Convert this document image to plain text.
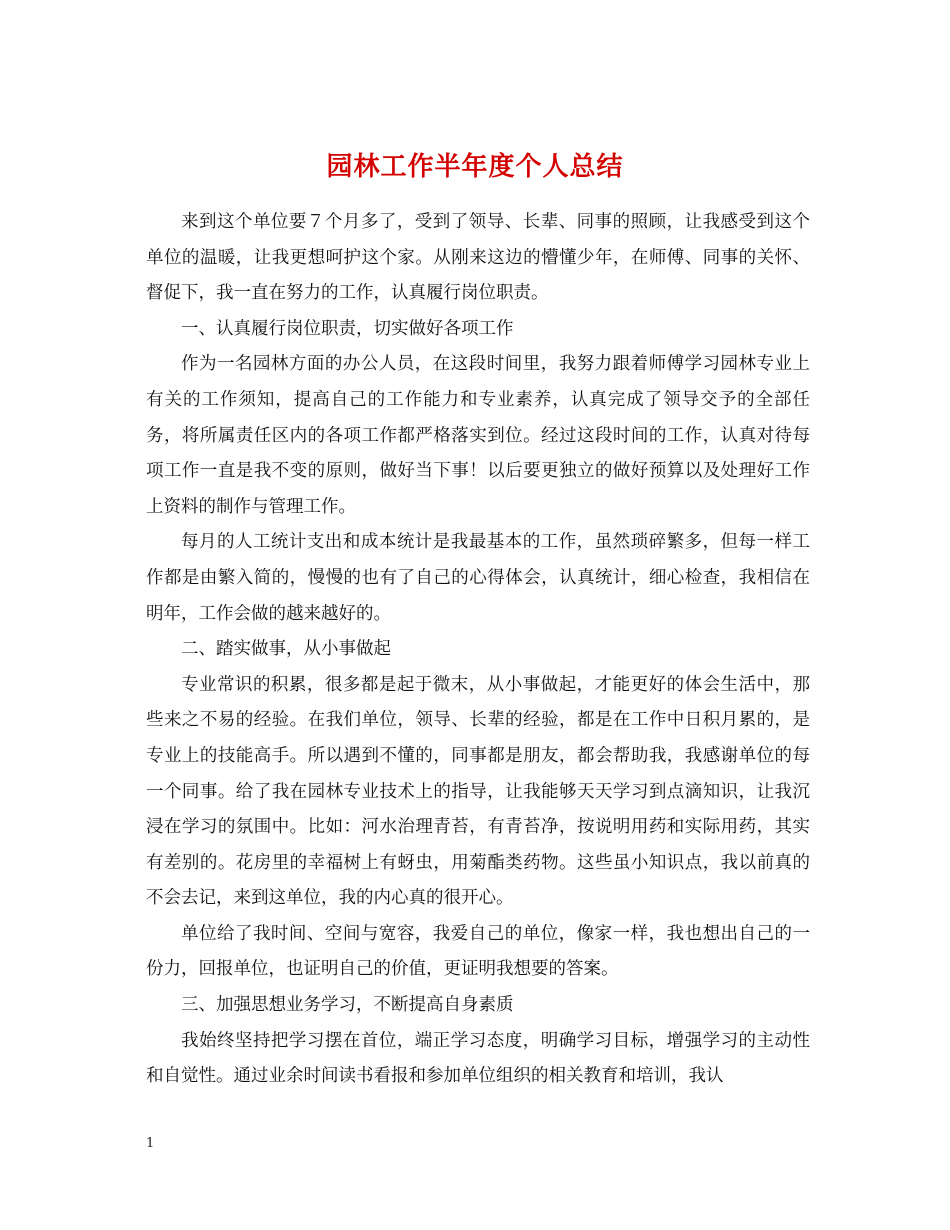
园林工作半年度个人总结

来到这个单位要７个月多了，受到了领导、长辈、同事的照顾，让我感受到这个单位的温暖，让我更想呵护这个家。从刚来这边的懵懂少年，在师傅、同事的关怀、督促下，我一直在努力的工作，认真履行岗位职责。

一、认真履行岗位职责，切实做好各项工作

作为一名园林方面的办公人员，在这段时间里，我努力跟着师傅学习园林专业上有关的工作须知，提高自己的工作能力和专业素养，认真完成了领导交予的全部任务，将所属责任区内的各项工作都严格落实到位。经过这段时间的工作，认真对待每项工作一直是我不变的原则，做好当下事！以后要更独立的做好预算以及处理好工作上资料的制作与管理工作。

每月的人工统计支出和成本统计是我最基本的工作，虽然琐碎繁多，但每一样工作都是由繁入简的，慢慢的也有了自己的心得体会，认真统计，细心检查，我相信在明年，工作会做的越来越好的。

二、踏实做事，从小事做起

专业常识的积累，很多都是起于微末，从小事做起，才能更好的体会生活中，那些来之不易的经验。在我们单位，领导、长辈的经验，都是在工作中日积月累的，是专业上的技能高手。所以遇到不懂的，同事都是朋友，都会帮助我，我感谢单位的每一个同事。给了我在园林专业技术上的指导，让我能够天天学习到点滴知识，让我沉浸在学习的氛围中。比如：河水治理青苔，有青苔净，按说明用药和实际用药，其实有差别的。花房里的幸福树上有蚜虫，用菊酯类药物。这些虽小知识点，我以前真的不会去记，来到这单位，我的内心真的很开心。

单位给了我时间、空间与宽容，我爱自己的单位，像家一样，我也想出自己的一份力，回报单位，也证明自己的价值，更证明我想要的答案。

三、加强思想业务学习，不断提高自身素质

我始终坚持把学习摆在首位，端正学习态度，明确学习目标，增强学习的主动性和自觉性。通过业余时间读书看报和参加单位组织的相关教育和培训，我认

1
